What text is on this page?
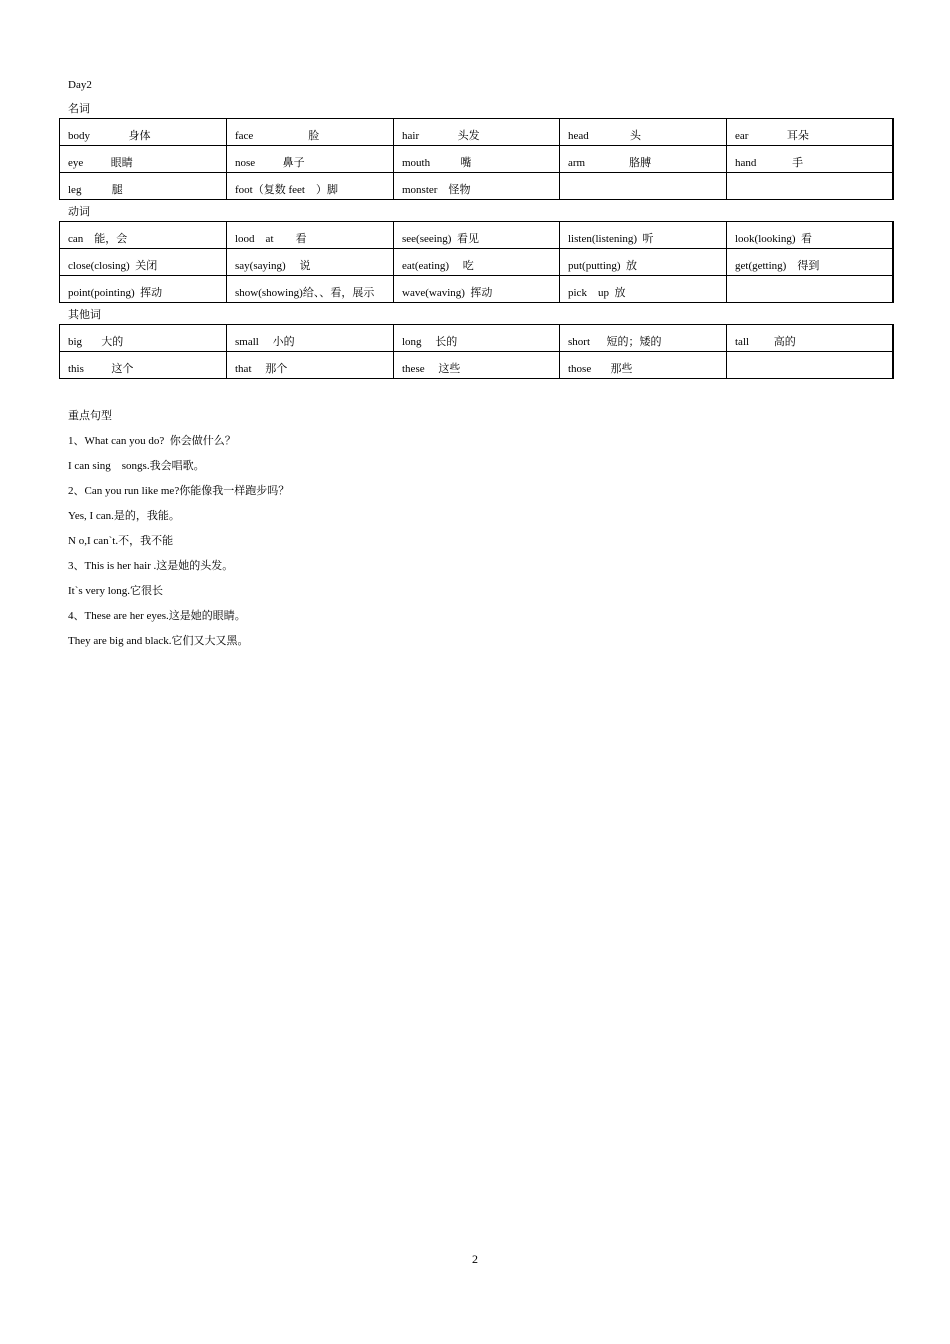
Day2
名词
body              身体	face                    脸	hair              头发	head               头	ear              耳朵
eye          眼睛	nose          鼻子	mouth           嘴	arm                胳膊	hand             手
leg           腿	foot（复数 feet    ）脚	monster    怪物		
动词
can    能，会	lood    at        看	see(seeing)  看见	listen(listening)  听	look(looking)  看
close(closing)  关闭	say(saying)     说	eat(eating)     吃	put(putting)  放	get(getting)    得到
point(pointing)  挥动	show(showing)给、、看，展示	wave(waving)  挥动	pick    up  放	
其他词
big       大的	small     小的	long     长的	short      短的；矮的	tall         高的
this          这个	that     那个	these     这些	those       那些	
重点句型
1、What can you do?  你会做什么？
I can sing    songs.我会唱歌。
2、Can you run like me?你能像我一样跑步吗？
Yes, I can.是的，我能。
N o,I can`t.不，我不能
3、This is her hair .这是她的头发。
It`s very long.它很长
4、These are her eyes.这是她的眼睛。
They are big and black.它们又大又黑。
2
